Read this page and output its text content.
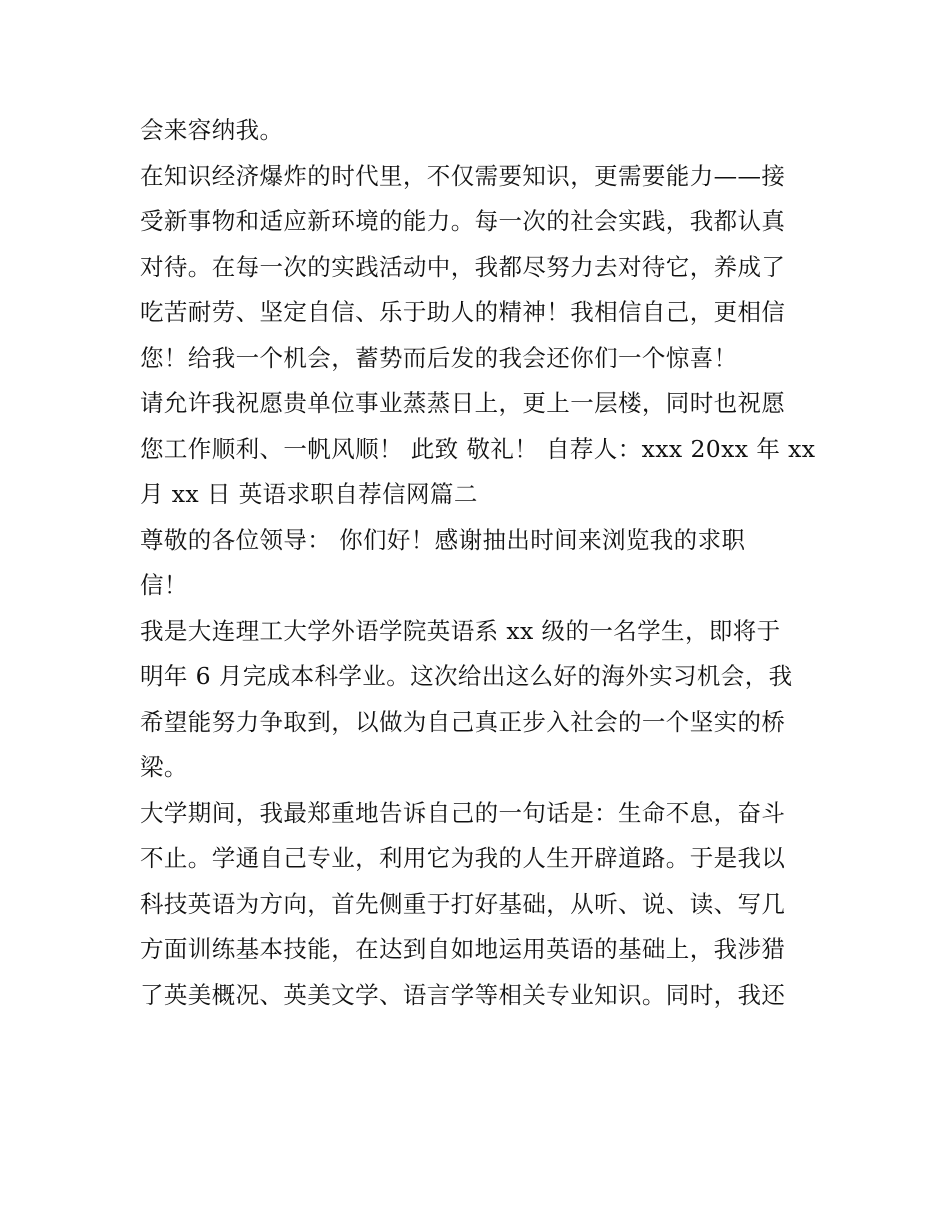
会来容纳我。
在知识经济爆炸的时代里，不仅需要知识，更需要能力——接
受新事物和适应新环境的能力。每一次的社会实践，我都认真
对待。在每一次的实践活动中，我都尽努力去对待它，养成了
吃苦耐劳、坚定自信、乐于助人的精神！我相信自己，更相信
您！给我一个机会，蓄势而后发的我会还你们一个惊喜！
请允许我祝愿贵单位事业蒸蒸日上，更上一层楼，同时也祝愿
您工作顺利、一帆风顺！ 此致 敬礼！ 自荐人：xxx 20xx 年 xx
月 xx 日 英语求职自荐信网篇二
尊敬的各位领导： 你们好！感谢抽出时间来浏览我的求职
信！
我是大连理工大学外语学院英语系 xx 级的一名学生，即将于
明年 6 月完成本科学业。这次给出这么好的海外实习机会，我
希望能努力争取到，以做为自己真正步入社会的一个坚实的桥
梁。
大学期间，我最郑重地告诉自己的一句话是：生命不息，奋斗
不止。学通自己专业，利用它为我的人生开辟道路。于是我以
科技英语为方向，首先侧重于打好基础，从听、说、读、写几
方面训练基本技能，在达到自如地运用英语的基础上，我涉猎
了英美概况、英美文学、语言学等相关专业知识。同时，我还
